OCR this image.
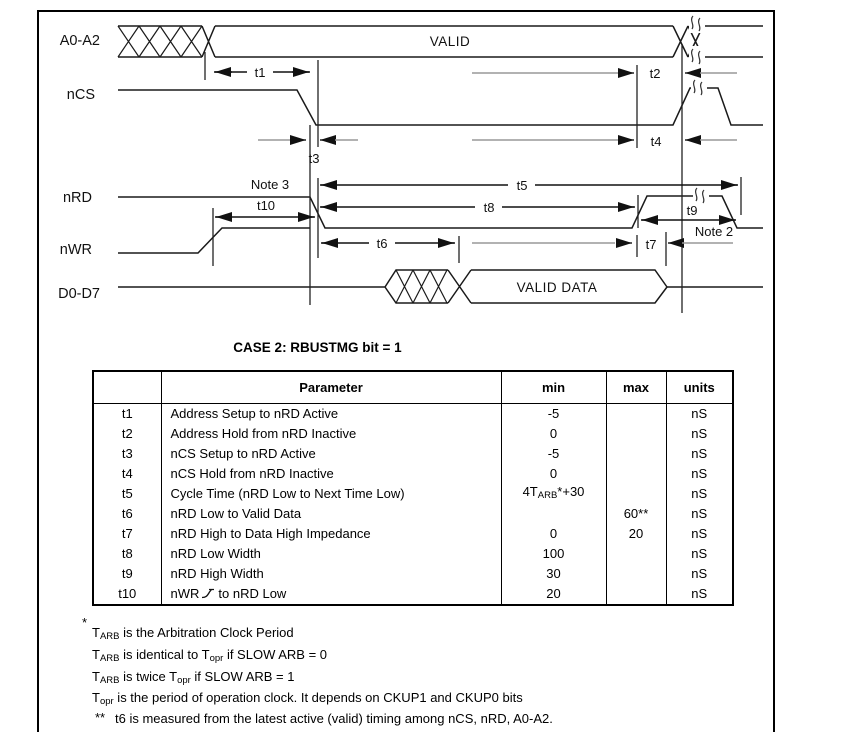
A0-A2
nCS
nRD
nWR
D0-D7
t1	t2
t3
t4
t5
t6	t7
t8	t9
t10
Note 3
Note 2
VALID
VALID DATA
CASE 2: RBUSTMG bit = 1
	Parameter	min	max	units
t1	Address Setup to nRD Active	-5		nS
t2	Address Hold from nRD Inactive	0		nS
t3	nCS Setup to nRD Active	-5		nS
t4	nCS Hold from nRD Inactive	0		nS
t5	Cycle Time (nRD Low to Next Time Low)	$4T_{ARB}*+30$		nS
t6	nRD Low to Valid Data		60**	nS
t7	nRD High to Data High Impedance	0	20	nS
t8	nRD Low Width	100		nS
t9	nRD High Width	30		nS
t10	nWR to nRD Low	20		nS
*
$T_{ARB}$ is the Arbitration Clock Period
$T_{ARB}$ is identical to $T_{opr}$ if SLOW ARB = 0
$T_{ARB}$ is twice $T_{opr}$ if SLOW ARB = 1
$T_{opr}$ is the period of operation clock. It depends on CKUP1 and CKUP0 bits
** t6 is measured from the latest active (valid) timing among nCS, nRD, A0-A2.
